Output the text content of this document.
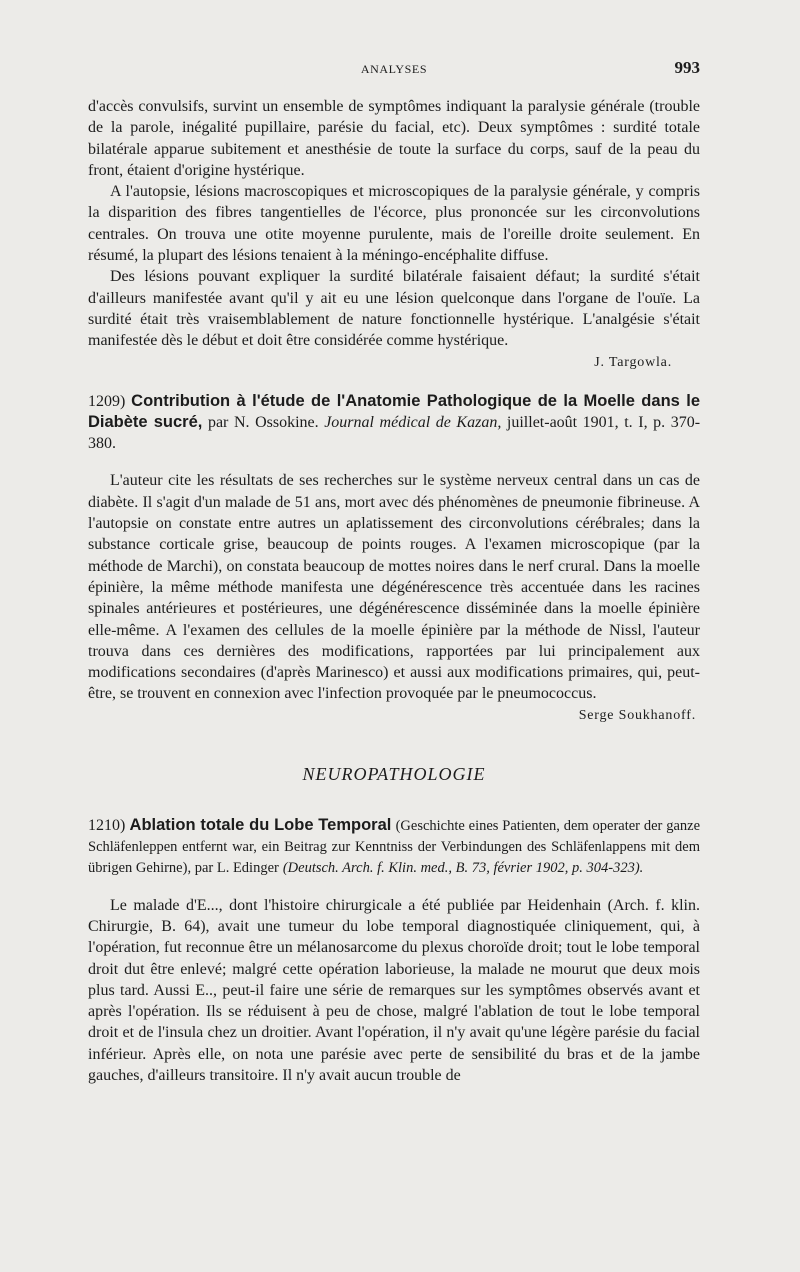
ANALYSES	993

d'accès convulsifs, survint un ensemble de symptômes indiquant la paralysie générale (trouble de la parole, inégalité pupillaire, parésie du facial, etc). Deux symptômes : surdité totale bilatérale apparue subitement et anesthésie de toute la surface du corps, sauf de la peau du front, étaient d'origine hystérique.

A l'autopsie, lésions macroscopiques et microscopiques de la paralysie générale, y compris la disparition des fibres tangentielles de l'écorce, plus prononcée sur les circonvolutions centrales. On trouva une otite moyenne purulente, mais de l'oreille droite seulement. En résumé, la plupart des lésions tenaient à la méningo-encéphalite diffuse.

Des lésions pouvant expliquer la surdité bilatérale faisaient défaut; la surdité s'était d'ailleurs manifestée avant qu'il y ait eu une lésion quelconque dans l'organe de l'ouïe. La surdité était très vraisemblablement de nature fonctionnelle hystérique. L'analgésie s'était manifestée dès le début et doit être considérée comme hystérique.

J. Targowla.
1209) Contribution à l'étude de l'Anatomie Pathologique de la Moelle dans le Diabète sucré, par N. Ossokine. Journal médical de Kazan, juillet-août 1901, t. I, p. 370-380.

L'auteur cite les résultats de ses recherches sur le système nerveux central dans un cas de diabète. Il s'agit d'un malade de 51 ans, mort avec dés phénomènes de pneumonie fibrineuse. A l'autopsie on constate entre autres un aplatissement des circonvolutions cérébrales; dans la substance corticale grise, beaucoup de points rouges. A l'examen microscopique (par la méthode de Marchi), on constata beaucoup de mottes noires dans le nerf crural. Dans la moelle épinière, la même méthode manifesta une dégénérescence très accentuée dans les racines spinales antérieures et postérieures, une dégénérescence disséminée dans la moelle épinière elle-même. A l'examen des cellules de la moelle épinière par la méthode de Nissl, l'auteur trouva dans ces dernières des modifications, rapportées par lui principalement aux modifications secondaires (d'après Marinesco) et aussi aux modifications primaires, qui, peut-être, se trouvent en connexion avec l'infection provoquée par le pneumococcus.

Serge Soukhanoff.
NEUROPATHOLOGIE
1210) Ablation totale du Lobe Temporal (Geschichte eines Patienten, dem operater der ganze Schläfenleppen entfernt war, ein Beitrag zur Kenntniss der Verbindungen des Schläfenlappens mit dem übrigen Gehirne), par L. Edinger (Deutsch. Arch. f. Klin. med., B. 73, février 1902, p. 304-323).

Le malade d'E..., dont l'histoire chirurgicale a été publiée par Heidenhain (Arch. f. klin. Chirurgie, B. 64), avait une tumeur du lobe temporal diagnostiquée cliniquement, qui, à l'opération, fut reconnue être un mélanosarcome du plexus choroïde droit; tout le lobe temporal droit dut être enlevé; malgré cette opération laborieuse, la malade ne mourut que deux mois plus tard. Aussi E.., peut-il faire une série de remarques sur les symptômes observés avant et après l'opération. Ils se réduisent à peu de chose, malgré l'ablation de tout le lobe temporal droit et de l'insula chez un droitier. Avant l'opération, il n'y avait qu'une légère parésie du facial inférieur. Après elle, on nota une parésie avec perte de sensibilité du bras et de la jambe gauches, d'ailleurs transitoire. Il n'y avait aucun trouble de
